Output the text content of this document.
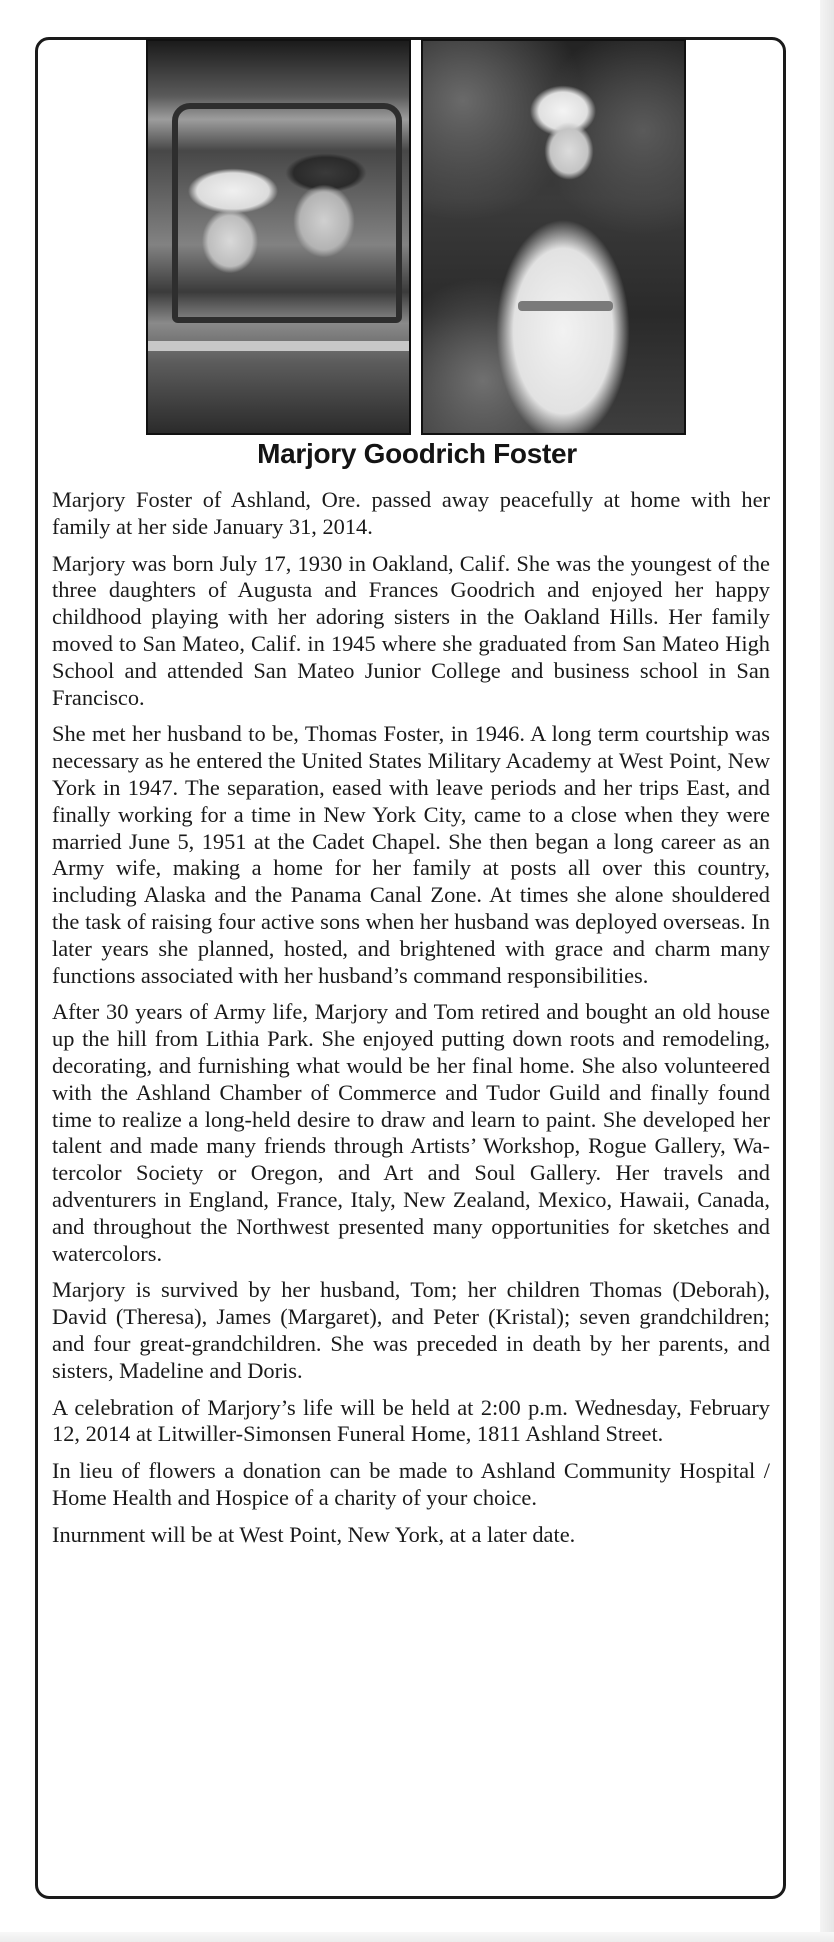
Marjory Goodrich Foster

Marjory Foster of Ashland, Ore. passed away peacefully at home with her family at her side January 31, 2014.

Marjory was born July 17, 1930 in Oakland, Calif. She was the youngest of the three daughters of Augusta and Frances Goodrich and enjoyed her happy childhood playing with her adoring sisters in the Oakland Hills. Her family moved to San Mateo, Calif. in 1945 where she graduated from San Mateo High School and attended San Mateo Junior College and business school in San Francisco.

She met her husband to be, Thomas Foster, in 1946. A long term courtship was necessary as he entered the United States Military Academy at West Point, New York in 1947. The separation, eased with leave periods and her trips East, and finally working for a time in New York City, came to a close when they were married June 5, 1951 at the Cadet Chapel. She then began a long career as an Army wife, making a home for her family at posts all over this country, including Alaska and the Panama Canal Zone. At times she alone shouldered the task of raising four active sons when her husband was deployed overseas. In later years she planned, hosted, and brightened with grace and charm many functions associated with her husband’s command responsibilities.

After 30 years of Army life, Marjory and Tom retired and bought an old house up the hill from Lithia Park. She enjoyed putting down roots and remodeling, decorating, and furnishing what would be her final home. She also volunteered with the Ashland Chamber of Commerce and Tudor Guild and finally found time to realize a long-held desire to draw and learn to paint. She developed her talent and made many friends through Artists’ Workshop, Rogue Gallery, Watercolor Society or Oregon, and Art and Soul Gallery. Her travels and adventurers in England, France, Italy, New Zealand, Mexico, Hawaii, Canada, and throughout the Northwest presented many opportunities for sketches and watercolors.

Marjory is survived by her husband, Tom; her children Thomas (Deborah), David (Theresa), James (Margaret), and Peter (Kristal); seven grandchildren; and four great-grandchildren. She was preceded in death by her parents, and sisters, Madeline and Doris.

A celebration of Marjory’s life will be held at 2:00 p.m. Wednesday, February 12, 2014 at Litwiller-Simonsen Funeral Home, 1811 Ashland Street.

In lieu of flowers a donation can be made to Ashland Community Hospital / Home Health and Hospice of a charity of your choice.

Inurnment will be at West Point, New York, at a later date.
